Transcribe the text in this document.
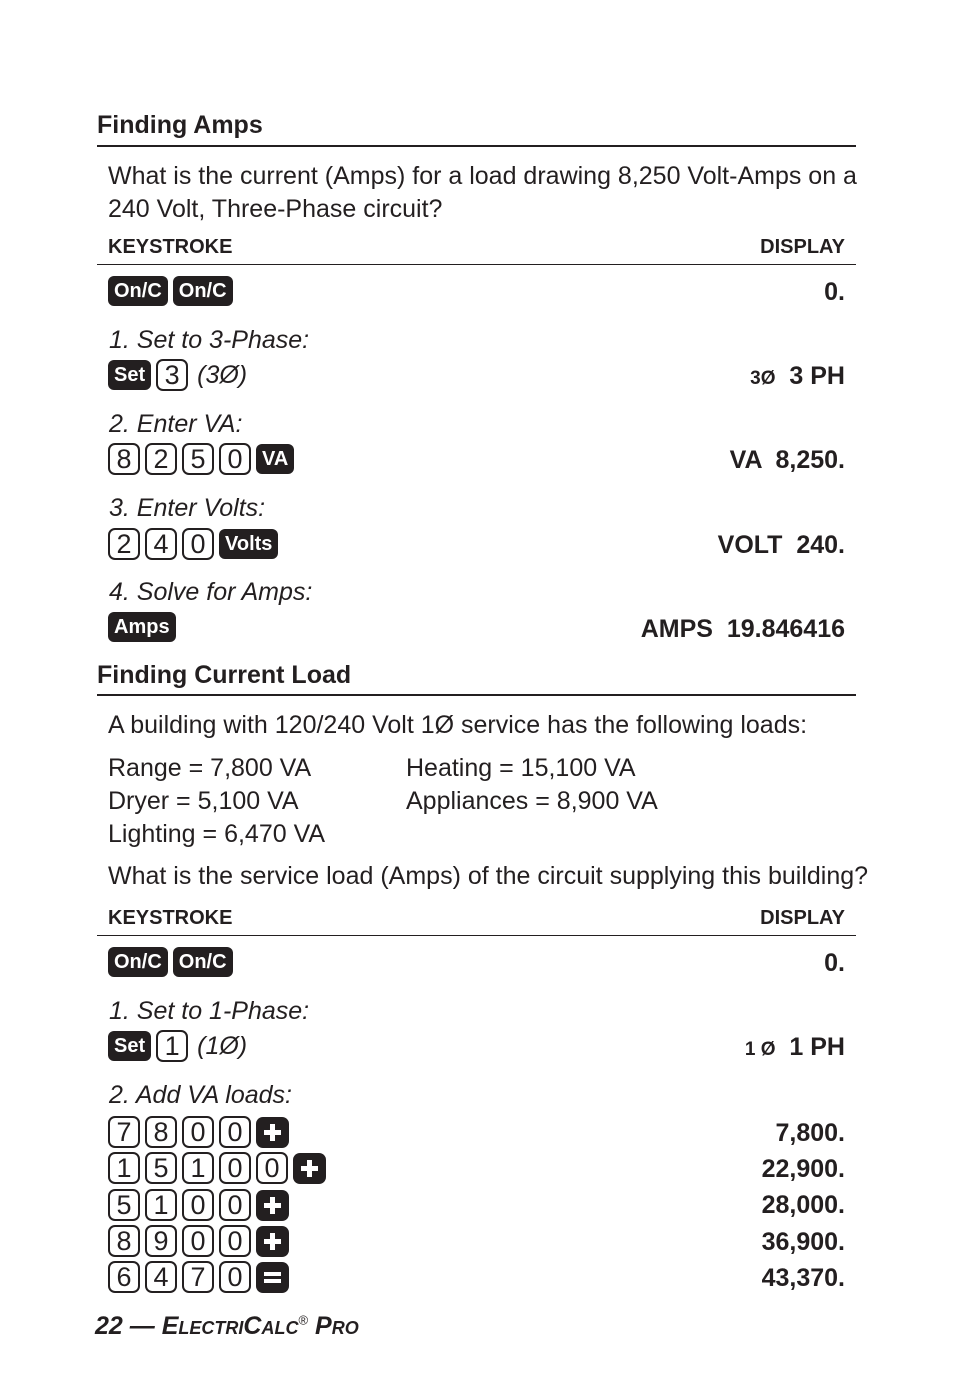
Finding Amps
What is the current (Amps) for a load drawing 8,250 Volt-Amps on a 240 Volt, Three-Phase circuit?
KEYSTROKE	DISPLAY
On/C On/C	0.
1. Set to 3-Phase:
Set 3 (3Ø)	3Ø 3 PH
2. Enter VA:
8 2 5 0 VA	VA  8,250.
3. Enter Volts:
2 4 0 Volts	VOLT  240.
4. Solve for Amps:
Amps	AMPS  19.846416
Finding Current Load
A building with 120/240 Volt 1Ø service has the following loads:
Range = 7,800 VA
Dryer = 5,100 VA
Lighting = 6,470 VA
Heating = 15,100 VA
Appliances = 8,900 VA
What is the service load (Amps) of the circuit supplying this building?
KEYSTROKE	DISPLAY
On/C On/C	0.
1. Set to 1-Phase:
Set 1 (1Ø)	1 Ø 1 PH
2. Add VA loads:
7 8 0 0	7,800.
1 5 1 0 0	22,900.
5 1 0 0	28,000.
8 9 0 0	36,900.
6 4 7 0	43,370.
22 — ELECTRICALC® PRO
